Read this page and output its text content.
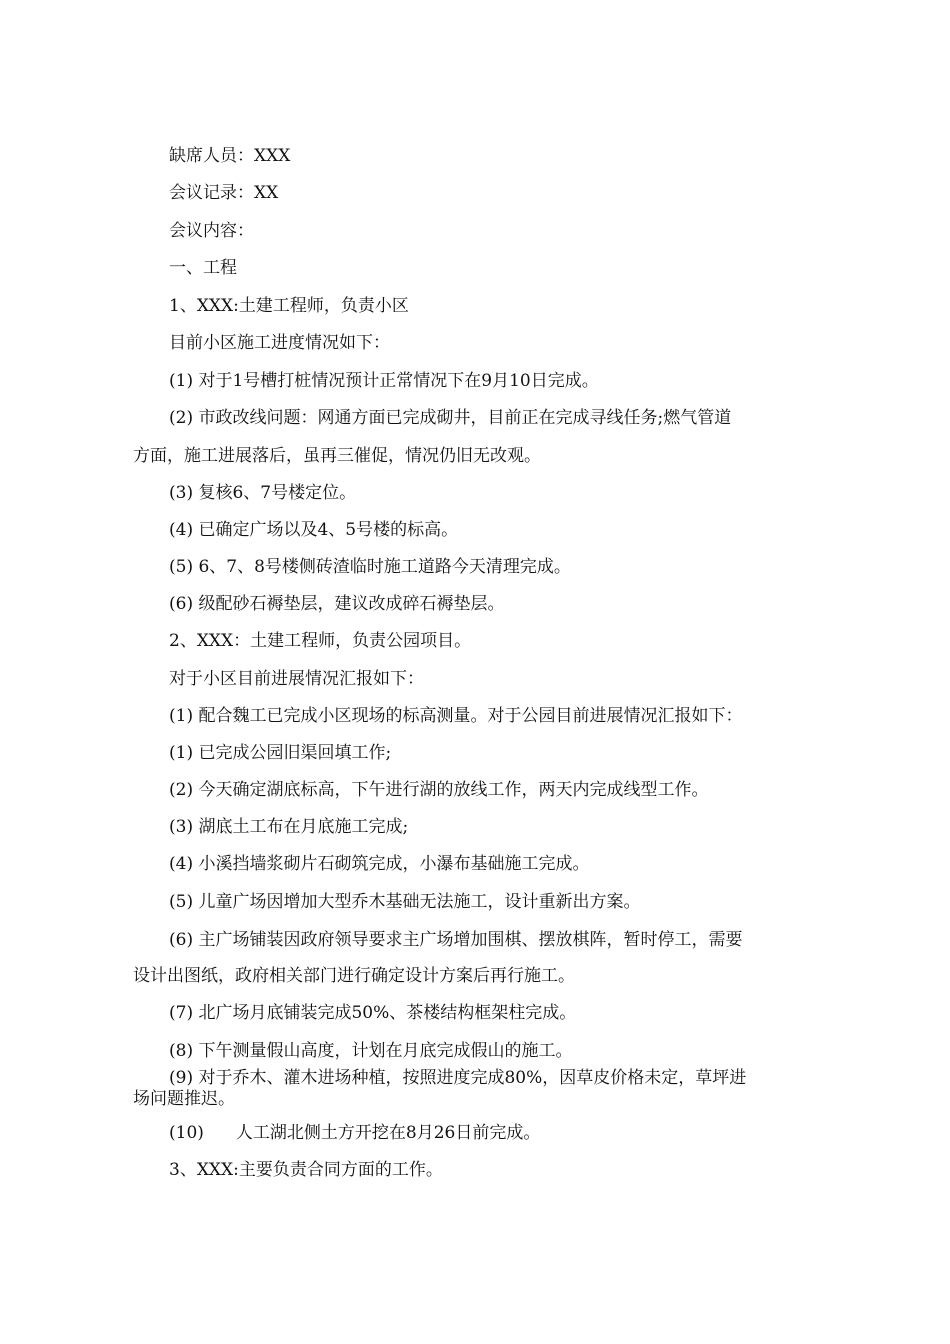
缺席人员：XXX
会议记录：XX
会议内容：
一、工程
1、XXX:土建工程师，负责小区
目前小区施工进度情况如下：
(1) 对于1号槽打桩情况预计正常情况下在9月10日完成。
(2) 市政改线问题：网通方面已完成砌井，目前正在完成寻线任务;燃气管道
方面，施工进展落后，虽再三催促，情况仍旧无改观。
(3) 复核6、7号楼定位。
(4) 已确定广场以及4、5号楼的标高。
(5) 6、7、8号楼侧砖渣临时施工道路今天清理完成。
(6) 级配砂石褥垫层，建议改成碎石褥垫层。
2、XXX：土建工程师，负责公园项目。
对于小区目前进展情况汇报如下：
(1) 配合魏工已完成小区现场的标高测量。对于公园目前进展情况汇报如下：
(1) 已完成公园旧渠回填工作;
(2) 今天确定湖底标高，下午进行湖的放线工作，两天内完成线型工作。
(3) 湖底土工布在月底施工完成;
(4) 小溪挡墙浆砌片石砌筑完成，小瀑布基础施工完成。
(5) 儿童广场因增加大型乔木基础无法施工，设计重新出方案。
(6) 主广场铺装因政府领导要求主广场增加围棋、摆放棋阵，暂时停工，需要
设计出图纸，政府相关部门进行确定设计方案后再行施工。
(7) 北广场月底铺装完成50%、茶楼结构框架柱完成。
(8) 下午测量假山高度，计划在月底完成假山的施工。
(9) 对于乔木、灌木进场种植，按照进度完成80%，因草皮价格未定，草坪进
场问题推迟。
(10) 人工湖北侧土方开挖在8月26日前完成。
3、XXX:主要负责合同方面的工作。
